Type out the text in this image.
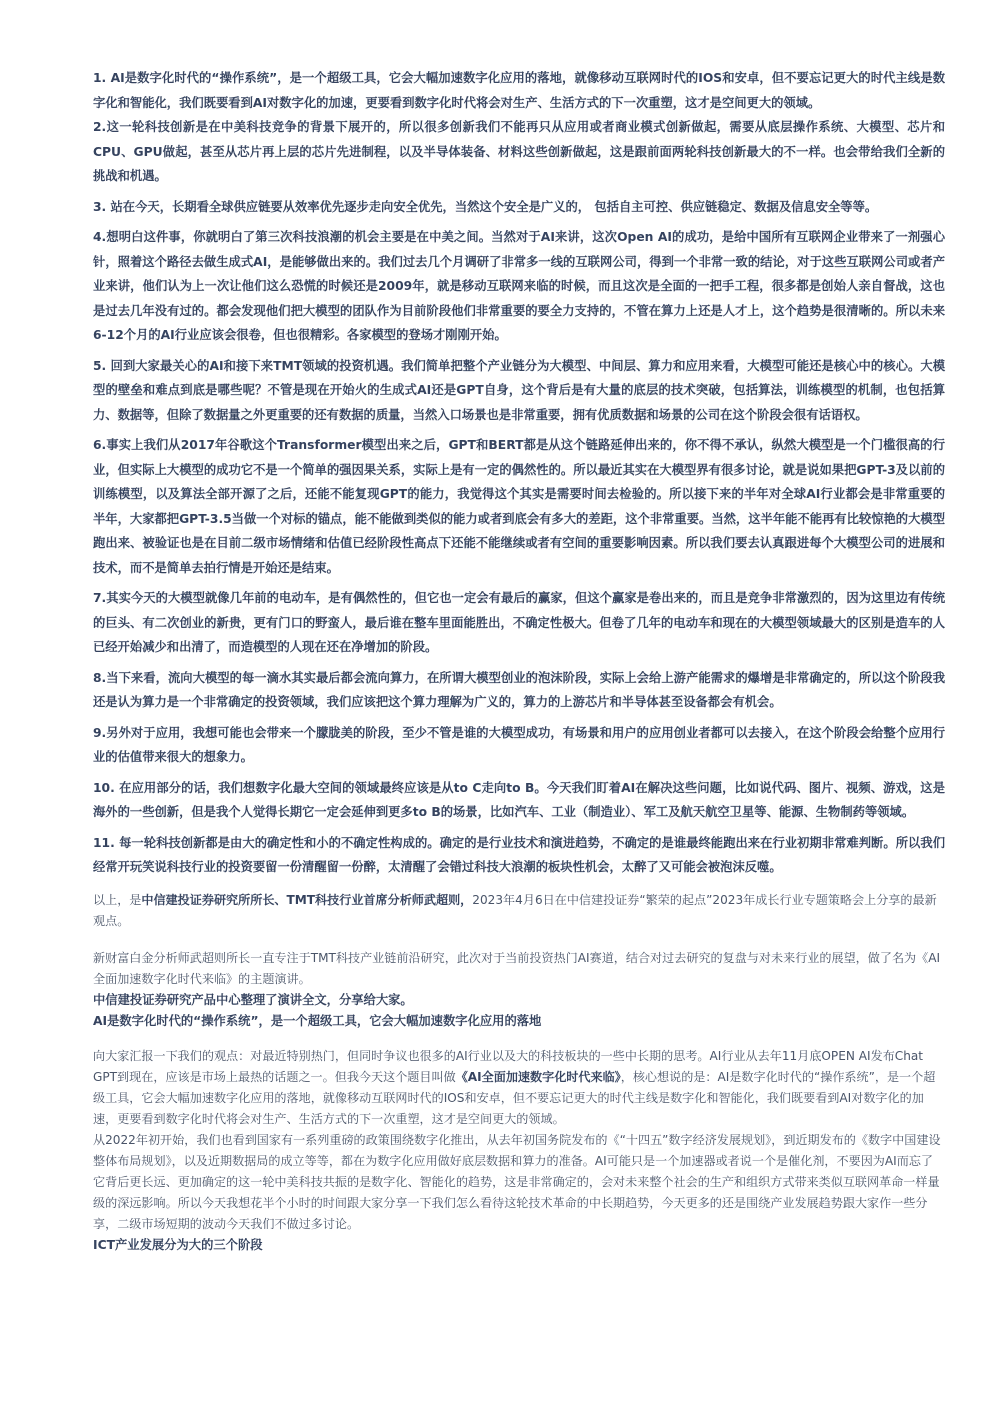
1. AI是数字化时代的“操作系统”，是一个超级工具，它会大幅加速数字化应用的落地，就像移动互联网时代的IOS和安卓，但不要忘记更大的时代主线是数字化和智能化，我们既要看到AI对数字化的加速，更要看到数字化时代将会对生产、生活方式的下一次重塑，这才是空间更大的领域。

2.这一轮科技创新是在中美科技竞争的背景下展开的，所以很多创新我们不能再只从应用或者商业模式创新做起，需要从底层操作系统、大模型、芯片和CPU、GPU做起，甚至从芯片再上层的芯片先进制程，以及半导体装备、材料这些创新做起，这是跟前面两轮科技创新最大的不一样。也会带给我们全新的挑战和机遇。

3. 站在今天，长期看全球供应链要从效率优先逐步走向安全优先，当然这个安全是广义的， 包括自主可控、供应链稳定、数据及信息安全等等。

4.想明白这件事，你就明白了第三次科技浪潮的机会主要是在中美之间。当然对于AI来讲，这次Open AI的成功，是给中国所有互联网企业带来了一剂强心针，照着这个路径去做生成式AI，是能够做出来的。我们过去几个月调研了非常多一线的互联网公司，得到一个非常一致的结论，对于这些互联网公司或者产业来讲，他们认为上一次让他们这么恐慌的时候还是2009年，就是移动互联网来临的时候，而且这次是全面的一把手工程，很多都是创始人亲自督战，这也是过去几年没有过的。都会发现他们把大模型的团队作为目前阶段他们非常重要的要全力支持的，不管在算力上还是人才上，这个趋势是很清晰的。所以未来6-12个月的AI行业应该会很卷，但也很精彩。各家模型的登场才刚刚开始。

5. 回到大家最关心的AI和接下来TMT领域的投资机遇。我们简单把整个产业链分为大模型、中间层、算力和应用来看，大模型可能还是核心中的核心。大模型的壁垒和难点到底是哪些呢？不管是现在开始火的生成式AI还是GPT自身，这个背后是有大量的底层的技术突破，包括算法，训练模型的机制，也包括算力、数据等，但除了数据量之外更重要的还有数据的质量，当然入口场景也是非常重要，拥有优质数据和场景的公司在这个阶段会很有话语权。

6.事实上我们从2017年谷歌这个Transformer模型出来之后，GPT和BERT都是从这个链路延伸出来的，你不得不承认，纵然大模型是一个门槛很高的行业，但实际上大模型的成功它不是一个简单的强因果关系，实际上是有一定的偶然性的。所以最近其实在大模型界有很多讨论，就是说如果把GPT-3及以前的训练模型，以及算法全部开源了之后，还能不能复现GPT的能力，我觉得这个其实是需要时间去检验的。所以接下来的半年对全球AI行业都会是非常重要的半年，大家都把GPT-3.5当做一个对标的锚点，能不能做到类似的能力或者到底会有多大的差距，这个非常重要。当然，这半年能不能再有比较惊艳的大模型跑出来、被验证也是在目前二级市场情绪和估值已经阶段性高点下还能不能继续或者有空间的重要影响因素。所以我们要去认真跟进每个大模型公司的进展和技术，而不是简单去拍行情是开始还是结束。

7.其实今天的大模型就像几年前的电动车，是有偶然性的，但它也一定会有最后的赢家，但这个赢家是卷出来的，而且是竞争非常激烈的，因为这里边有传统的巨头、有二次创业的新贵，更有门口的野蛮人，最后谁在整车里面能胜出，不确定性极大。但卷了几年的电动车和现在的大模型领域最大的区别是造车的人已经开始减少和出清了，而造模型的人现在还在净增加的阶段。

8.当下来看，流向大模型的每一滴水其实最后都会流向算力，在所谓大模型创业的泡沫阶段，实际上会给上游产能需求的爆增是非常确定的，所以这个阶段我还是认为算力是一个非常确定的投资领域，我们应该把这个算力理解为广义的，算力的上游芯片和半导体甚至设备都会有机会。

9.另外对于应用，我想可能也会带来一个朦胧美的阶段，至少不管是谁的大模型成功，有场景和用户的应用创业者都可以去接入，在这个阶段会给整个应用行业的估值带来很大的想象力。

10. 在应用部分的话，我们想数字化最大空间的领域最终应该是从to C走向to B。今天我们盯着AI在解决这些问题，比如说代码、图片、视频、游戏，这是海外的一些创新，但是我个人觉得长期它一定会延伸到更多to B的场景，比如汽车、工业（制造业）、军工及航天航空卫星等、能源、生物制药等领域。

11. 每一轮科技创新都是由大的确定性和小的不确定性构成的。确定的是行业技术和演进趋势，不确定的是谁最终能跑出来在行业初期非常难判断。所以我们经常开玩笑说科技行业的投资要留一份清醒留一份醉，太清醒了会错过科技大浪潮的板块性机会，太醉了又可能会被泡沫反噬。

以上，是中信建投证券研究所所长、TMT科技行业首席分析师武超则，2023年4月6日在中信建投证券“繁荣的起点”2023年成长行业专题策略会上分享的最新观点。

新财富白金分析师武超则所长一直专注于TMT科技产业链前沿研究，此次对于当前投资热门AI赛道，结合对过去研究的复盘与对未来行业的展望，做了名为《AI全面加速数字化时代来临》的主题演讲。

中信建投证券研究产品中心整理了演讲全文，分享给大家。

AI是数字化时代的“操作系统”，是一个超级工具，它会大幅加速数字化应用的落地

向大家汇报一下我们的观点：对最近特别热门，但同时争议也很多的AI行业以及大的科技板块的一些中长期的思考。AI行业从去年11月底OPEN AI发布Chat GPT到现在，应该是市场上最热的话题之一。但我今天这个题目叫做《AI全面加速数字化时代来临》，核心想说的是：AI是数字化时代的“操作系统”，是一个超级工具，它会大幅加速数字化应用的落地，就像移动互联网时代的IOS和安卓，但不要忘记更大的时代主线是数字化和智能化，我们既要看到AI对数字化的加速，更要看到数字化时代将会对生产、生活方式的下一次重塑，这才是空间更大的领域。

从2022年初开始，我们也看到国家有一系列重磅的政策围绕数字化推出，从去年初国务院发布的《“十四五”数字经济发展规划》，到近期发布的《数字中国建设整体布局规划》，以及近期数据局的成立等等，都在为数字化应用做好底层数据和算力的准备。AI可能只是一个加速器或者说一个是催化剂，不要因为AI而忘了它背后更长远、更加确定的这一轮中美科技共振的是数字化、智能化的趋势，这是非常确定的，会对未来整个社会的生产和组织方式带来类似互联网革命一样量级的深远影响。所以今天我想花半个小时的时间跟大家分享一下我们怎么看待这轮技术革命的中长期趋势，今天更多的还是围绕产业发展趋势跟大家作一些分享，二级市场短期的波动今天我们不做过多讨论。

ICT产业发展分为大的三个阶段
